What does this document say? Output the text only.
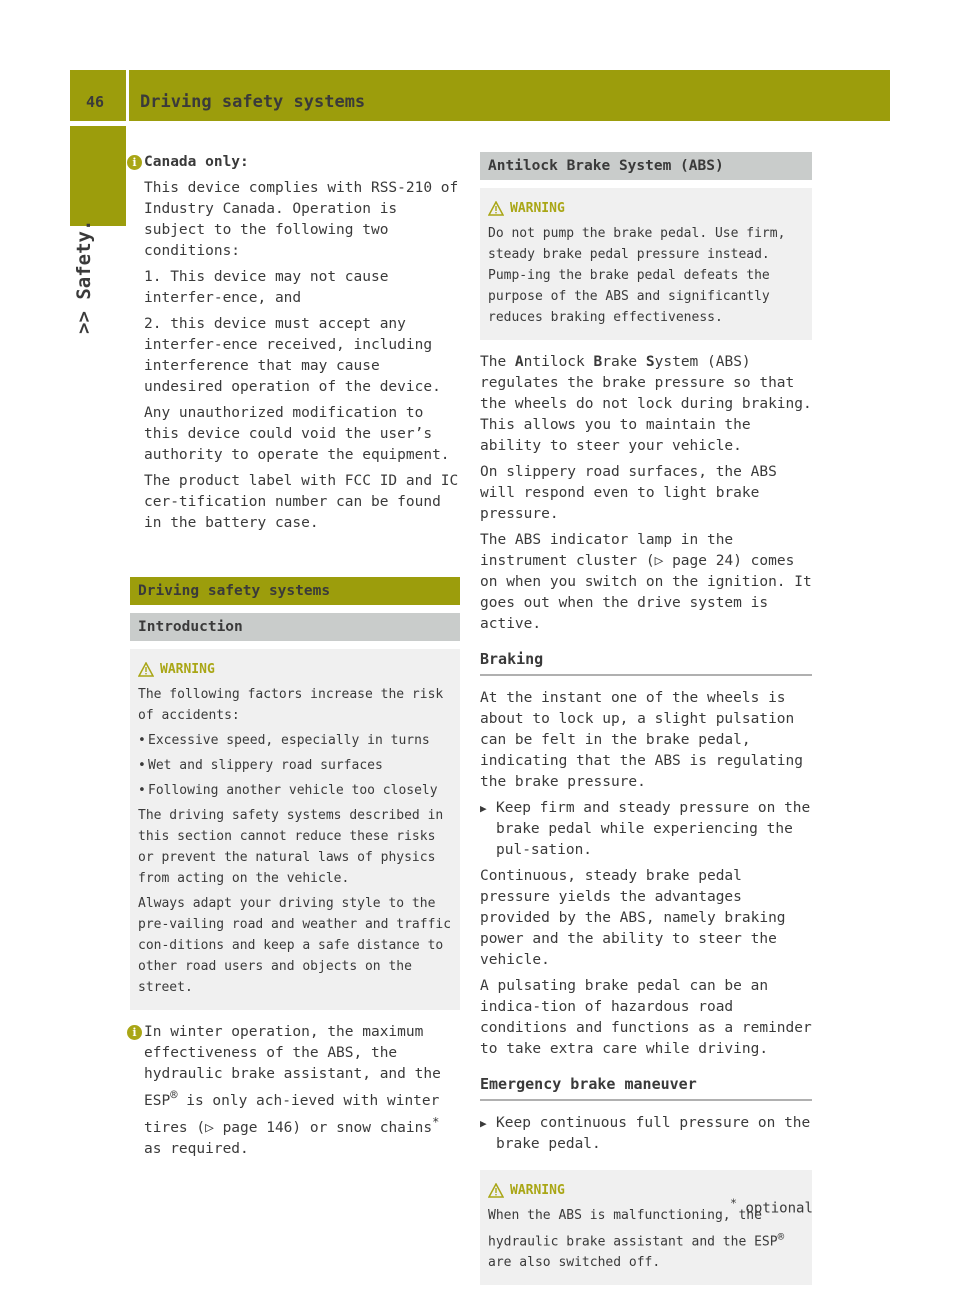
46 Driving safety systems
>> Safety.
i Canada only:

This device complies with RSS-210 of Industry Canada. Operation is subject to the following two conditions:

1. This device may not cause interfer-ence, and

2. this device must accept any interfer-ence received, including interference that may cause undesired operation of the device.

Any unauthorized modification to this device could void the user’s authority to operate the equipment.

The product label with FCC ID and IC cer-tification number can be found in the battery case.

Driving safety systems
Introduction
WARNING

The following factors increase the risk of accidents:

• Excessive speed, especially in turns

• Wet and slippery road surfaces

• Following another vehicle too closely

The driving safety systems described in this section cannot reduce these risks or prevent the natural laws of physics from acting on the vehicle.

Always adapt your driving style to the pre-vailing road and weather and traffic con-ditions and keep a safe distance to other road users and objects on the street.

i In winter operation, the maximum effectiveness of the ABS, the hydraulic brake assistant, and the ESP® is only ach-ieved with winter tires (▷ page 146) or snow chains* as required.

Antilock Brake System (ABS)
WARNING

Do not pump the brake pedal. Use firm, steady brake pedal pressure instead. Pump-ing the brake pedal defeats the purpose of the ABS and significantly reduces braking effectiveness.

The Antilock Brake System (ABS) regulates the brake pressure so that the wheels do not lock during braking. This allows you to maintain the ability to steer your vehicle.

On slippery road surfaces, the ABS will respond even to light brake pressure.

The ABS indicator lamp in the instrument cluster (▷ page 24) comes on when you switch on the ignition. It goes out when the drive system is active.

Braking

At the instant one of the wheels is about to lock up, a slight pulsation can be felt in the brake pedal, indicating that the ABS is regulating the brake pressure.

▶ Keep firm and steady pressure on the brake pedal while experiencing the pul-sation.

Continuous, steady brake pedal pressure yields the advantages provided by the ABS, namely braking power and the ability to steer the vehicle.

A pulsating brake pedal can be an indica-tion of hazardous road conditions and functions as a reminder to take extra care while driving.

Emergency brake maneuver
▶ Keep continuous full pressure on the brake pedal.
WARNING

When the ABS is malfunctioning, the hydraulic brake assistant and the ESP® are also switched off.

* optional
